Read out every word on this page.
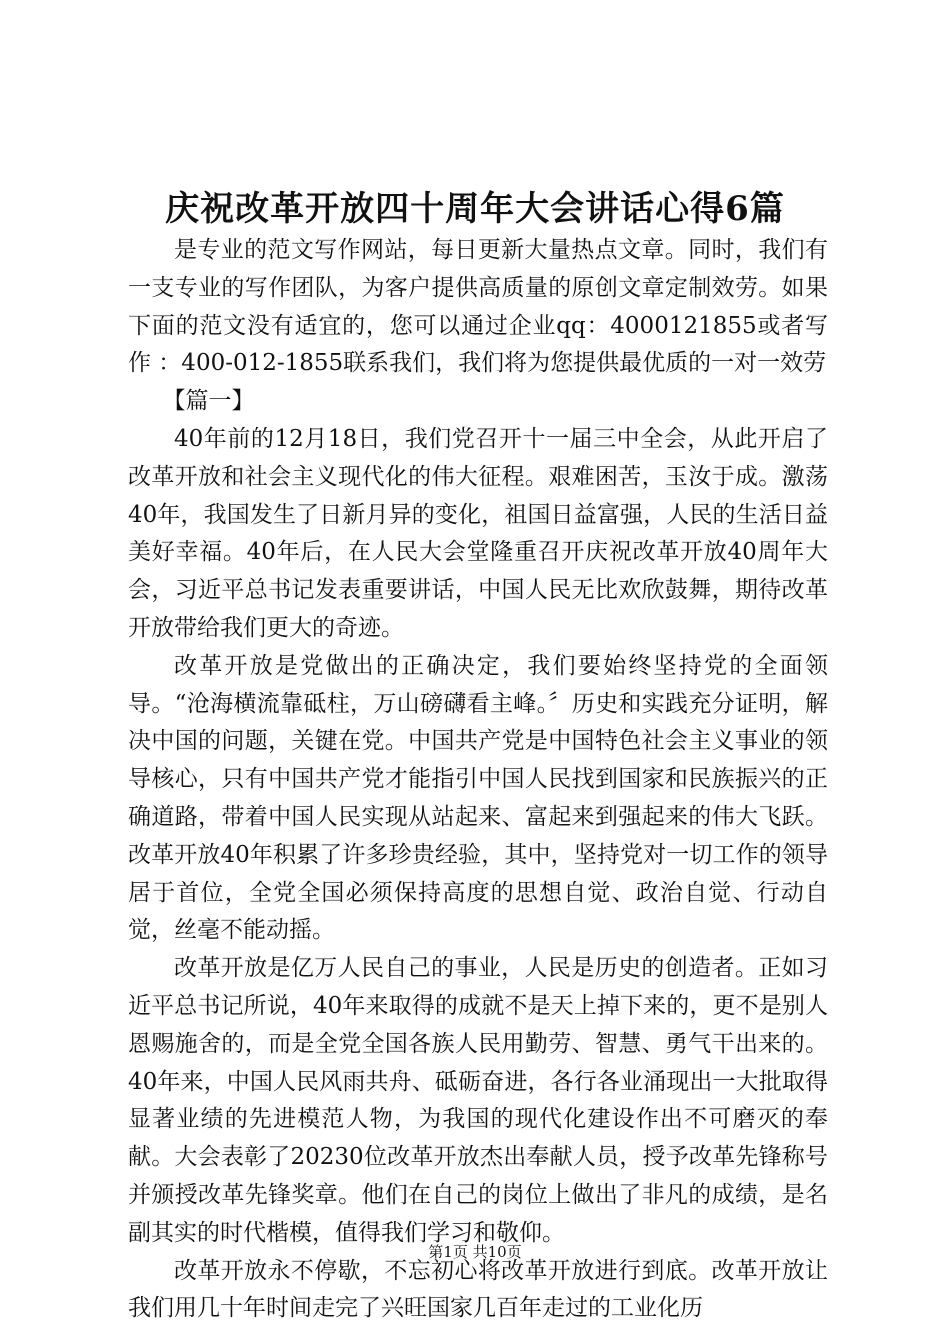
庆祝改革开放四十周年大会讲话心得6篇

是专业的范文写作网站，每日更新大量热点文章。同时，我们有一支专业的写作团队，为客户提供高质量的原创文章定制效劳。如果下面的范文没有适宜的，您可以通过企业qq：4000121855或者写作 ：400-012-1855联系我们，我们将为您提供最优质的一对一效劳

【篇一】

40年前的12月18日，我们党召开十一届三中全会，从此开启了改革开放和社会主义现代化的伟大征程。艰难困苦，玉汝于成。激荡40年，我国发生了日新月异的变化，祖国日益富强，人民的生活日益美好幸福。40年后，在人民大会堂隆重召开庆祝改革开放40周年大会，习近平总书记发表重要讲话，中国人民无比欢欣鼓舞，期待改革开放带给我们更大的奇迹。

改革开放是党做出的正确决定，我们要始终坚持党的全面领导。“沧海横流靠砥柱，万山磅礴看主峰。〞历史和实践充分证明，解决中国的问题，关键在党。中国共产党是中国特色社会主义事业的领导核心，只有中国共产党才能指引中国人民找到国家和民族振兴的正确道路，带着中国人民实现从站起来、富起来到强起来的伟大飞跃。改革开放40年积累了许多珍贵经验，其中，坚持党对一切工作的领导居于首位，全党全国必须保持高度的思想自觉、政治自觉、行动自觉，丝毫不能动摇。

改革开放是亿万人民自己的事业，人民是历史的创造者。正如习近平总书记所说，40年来取得的成就不是天上掉下来的，更不是别人恩赐施舍的，而是全党全国各族人民用勤劳、智慧、勇气干出来的。40年来，中国人民风雨共舟、砥砺奋进，各行各业涌现出一大批取得显著业绩的先进模范人物，为我国的现代化建设作出不可磨灭的奉献。大会表彰了20230位改革开放杰出奉献人员，授予改革先锋称号并颁授改革先锋奖章。他们在自己的岗位上做出了非凡的成绩，是名副其实的时代楷模，值得我们学习和敬仰。

改革开放永不停歇，不忘初心将改革开放进行到底。改革开放让我们用几十年时间走完了兴旺国家几百年走过的工业化历

第1页 共10页
